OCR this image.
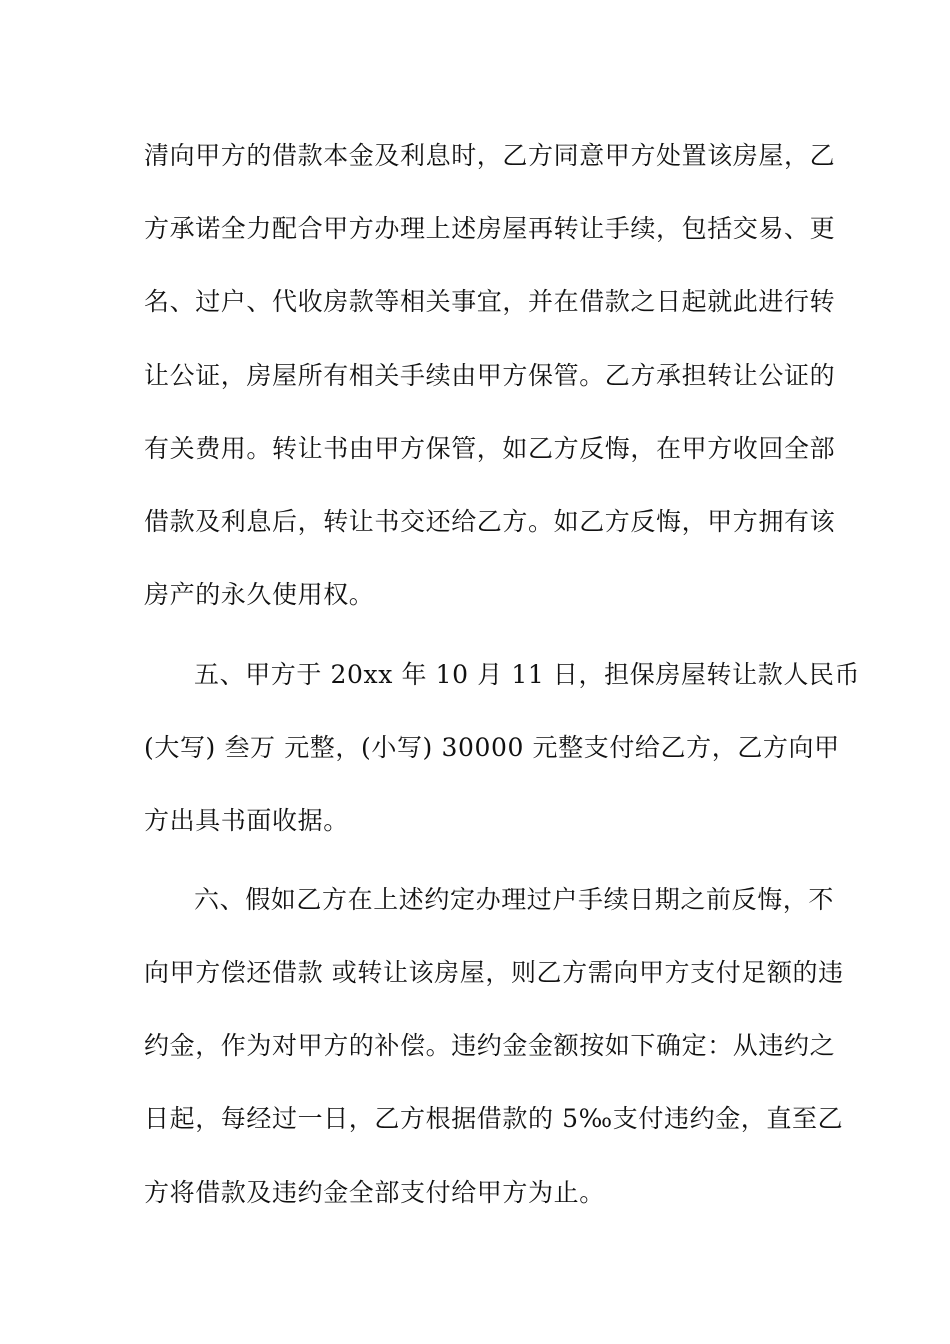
清向甲方的借款本金及利息时，乙方同意甲方处置该房屋，乙
方承诺全力配合甲方办理上述房屋再转让手续，包括交易、更
名、过户、代收房款等相关事宜，并在借款之日起就此进行转
让公证，房屋所有相关手续由甲方保管。乙方承担转让公证的
有关费用。转让书由甲方保管，如乙方反悔，在甲方收回全部
借款及利息后，转让书交还给乙方。如乙方反悔，甲方拥有该
房产的永久使用权。
五、甲方于 20xx 年 10 月 11 日，担保房屋转让款人民币
(大写) 叁万 元整，(小写) 30000 元整支付给乙方，乙方向甲
方出具书面收据。
六、假如乙方在上述约定办理过户手续日期之前反悔，不
向甲方偿还借款 或转让该房屋，则乙方需向甲方支付足额的违
约金，作为对甲方的补偿。违约金金额按如下确定：从违约之
日起，每经过一日，乙方根据借款的 5‰支付违约金，直至乙
方将借款及违约金全部支付给甲方为止。
